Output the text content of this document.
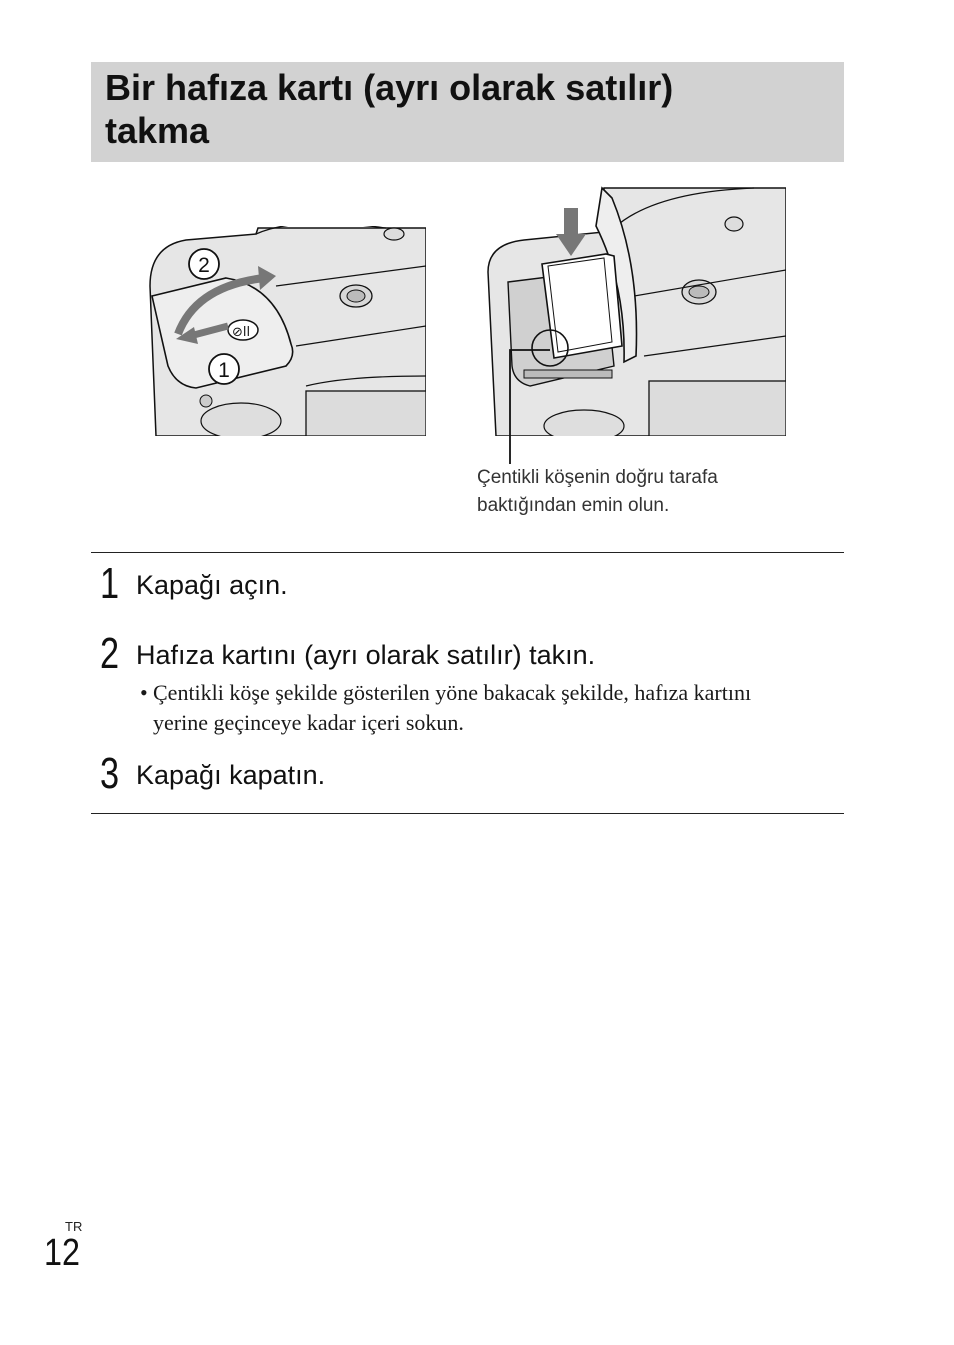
Bir hafıza kartı (ayrı olarak satılır)
takma
⊘ll
2
1
Çentikli köşenin doğru tarafa
baktığından emin olun.
1 Kapağı açın.
2 Hafıza kartını (ayrı olarak satılır) takın.
• Çentikli köşe şekilde gösterilen yöne bakacak şekilde, hafıza kartını
yerine geçinceye kadar içeri sokun.
3 Kapağı kapatın.
TR
12
